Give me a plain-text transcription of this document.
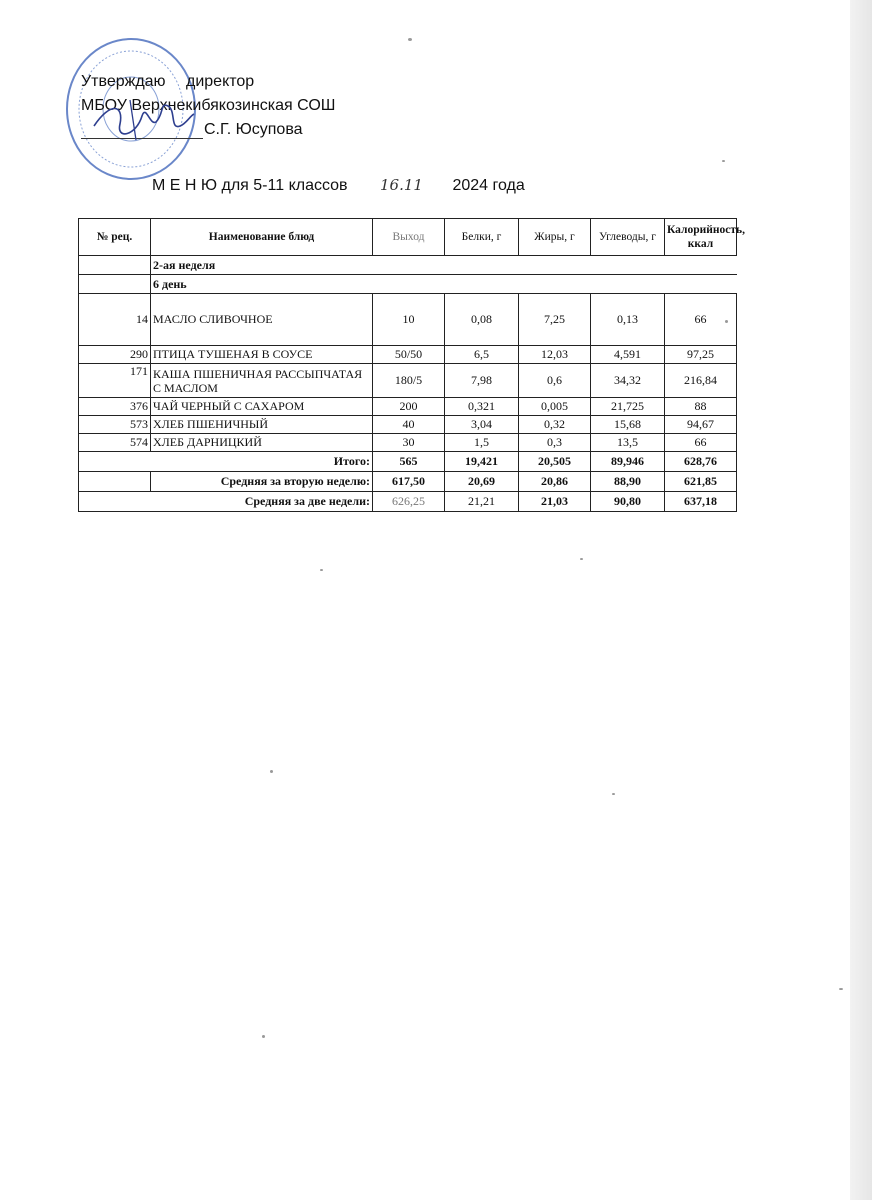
Утверждаю директор
МБОУ Верхнекибякозинская СОШ
С.Г. Юсупова
М Е Н Ю для 5-11 классов 16.11 2024 года
№ рец.	Наименование блюд	Выход	Белки, г	Жиры, г	Углеводы, г	Калорийность, ккал
	2-ая неделя					
	6 день					
14	МАСЛО СЛИВОЧНОЕ	10	0,08	7,25	0,13	66
290	ПТИЦА ТУШЕНАЯ В СОУСЕ	50/50	6,5	12,03	4,591	97,25
171	КАША ПШЕНИЧНАЯ РАССЫПЧАТАЯ С МАСЛОМ	180/5	7,98	0,6	34,32	216,84
376	ЧАЙ ЧЕРНЫЙ С САХАРОМ	200	0,321	0,005	21,725	88
573	ХЛЕБ ПШЕНИЧНЫЙ	40	3,04	0,32	15,68	94,67
574	ХЛЕБ ДАРНИЦКИЙ	30	1,5	0,3	13,5	66
Итого:		565	19,421	20,505	89,946	628,76
	Средняя за вторую неделю:	617,50	20,69	20,86	88,90	621,85
Средняя за две недели:		626,25	21,21	21,03	90,80	637,18
